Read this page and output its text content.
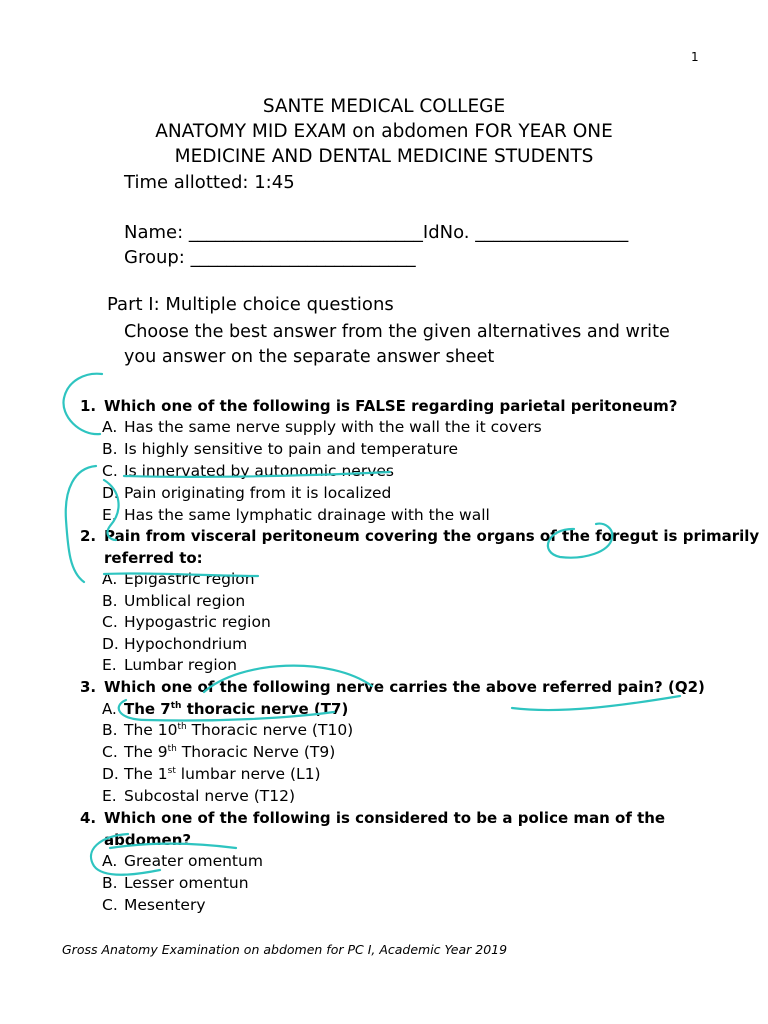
1
SANTE MEDICAL COLLEGE
ANATOMY MID EXAM on abdomen FOR YEAR ONE
MEDICINE AND DENTAL MEDICINE STUDENTS
Time allotted: 1:45
Name: __________________________IdNo. _________________
Group: _________________________
Part I: Multiple choice questions
Choose the best answer from the given alternatives and write
you answer on the separate answer sheet
1. Which one of the following is FALSE regarding parietal peritoneum?
A. Has the same nerve supply with the wall the it covers
B. Is highly sensitive to pain and temperature
C. Is innervated by autonomic nerves
D. Pain originating from it is localized
E. Has the same lymphatic drainage with the wall
2. Pain from visceral peritoneum covering the organs of the foregut is primarily
referred to:
A. Epigastric region
B. Umblical region
C. Hypogastric region
D. Hypochondrium
E. Lumbar region
3. Which one of the following nerve carries the above referred pain? (Q2)
A. The 7th thoracic nerve (T7)
B. The 10th Thoracic nerve (T10)
C. The 9th Thoracic Nerve (T9)
D. The 1st lumbar nerve (L1)
E. Subcostal nerve (T12)
4. Which one of the following is considered to be a police man of the
abdomen?
A. Greater omentum
B. Lesser omentun
C. Mesentery
Gross Anatomy Examination on abdomen for PC I, Academic Year 2019
